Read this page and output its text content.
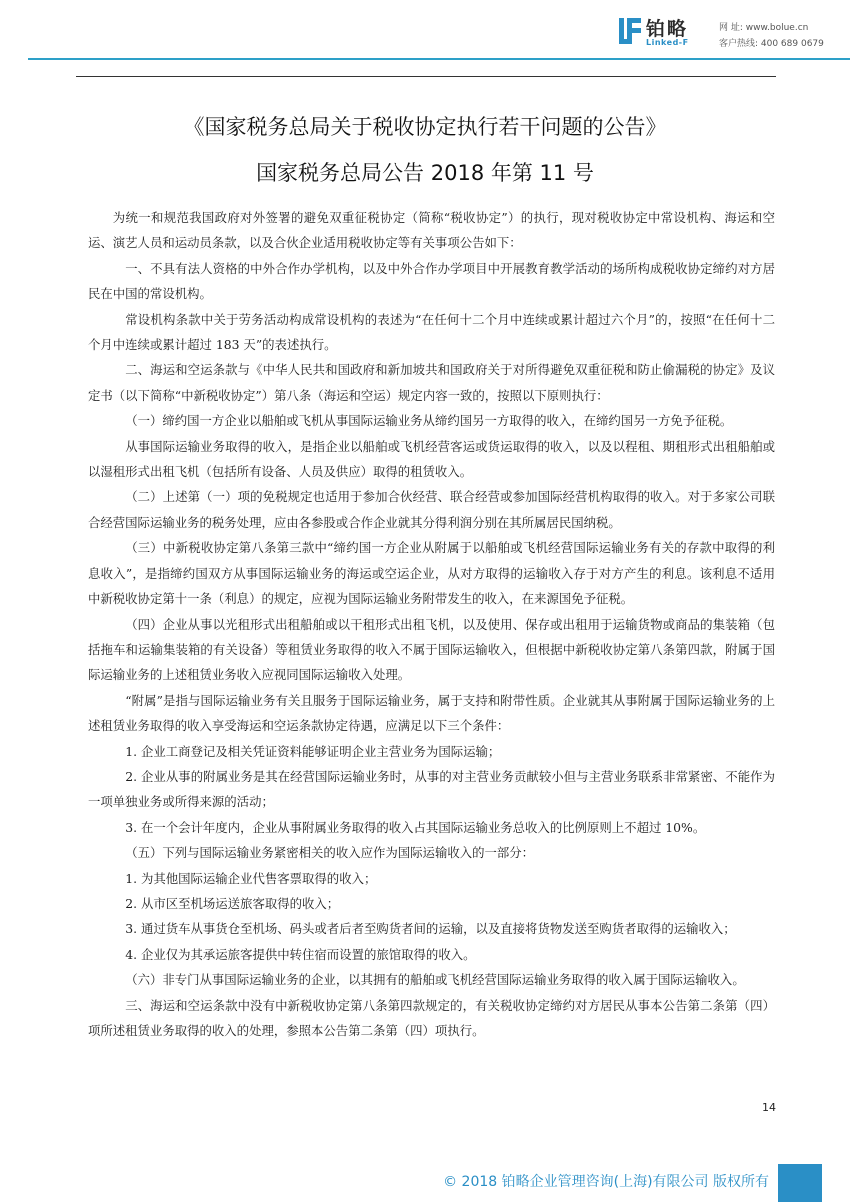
铂略
Linked-F
网 址: www.bolue.cn
客户热线: 400 689 0679
《国家税务总局关于税收协定执行若干问题的公告》
国家税务总局公告 2018 年第 11 号

为统一和规范我国政府对外签署的避免双重征税协定（简称“税收协定”）的执行，现对税收协定中常设机构、海运和空运、演艺人员和运动员条款，以及合伙企业适用税收协定等有关事项公告如下：

一、不具有法人资格的中外合作办学机构，以及中外合作办学项目中开展教育教学活动的场所构成税收协定缔约对方居民在中国的常设机构。

常设机构条款中关于劳务活动构成常设机构的表述为“在任何十二个月中连续或累计超过六个月”的，按照“在任何十二个月中连续或累计超过 183 天”的表述执行。

二、海运和空运条款与《中华人民共和国政府和新加坡共和国政府关于对所得避免双重征税和防止偷漏税的协定》及议定书（以下简称“中新税收协定”）第八条（海运和空运）规定内容一致的，按照以下原则执行：

（一）缔约国一方企业以船舶或飞机从事国际运输业务从缔约国另一方取得的收入，在缔约国另一方免予征税。

从事国际运输业务取得的收入，是指企业以船舶或飞机经营客运或货运取得的收入，以及以程租、期租形式出租船舶或以湿租形式出租飞机（包括所有设备、人员及供应）取得的租赁收入。

（二）上述第（一）项的免税规定也适用于参加合伙经营、联合经营或参加国际经营机构取得的收入。对于多家公司联合经营国际运输业务的税务处理，应由各参股或合作企业就其分得利润分别在其所属居民国纳税。

（三）中新税收协定第八条第三款中“缔约国一方企业从附属于以船舶或飞机经营国际运输业务有关的存款中取得的利息收入”，是指缔约国双方从事国际运输业务的海运或空运企业，从对方取得的运输收入存于对方产生的利息。该利息不适用中新税收协定第十一条（利息）的规定，应视为国际运输业务附带发生的收入，在来源国免予征税。

（四）企业从事以光租形式出租船舶或以干租形式出租飞机，以及使用、保存或出租用于运输货物或商品的集装箱（包括拖车和运输集装箱的有关设备）等租赁业务取得的收入不属于国际运输收入，但根据中新税收协定第八条第四款，附属于国际运输业务的上述租赁业务收入应视同国际运输收入处理。

“附属”是指与国际运输业务有关且服务于国际运输业务，属于支持和附带性质。企业就其从事附属于国际运输业务的上述租赁业务取得的收入享受海运和空运条款协定待遇，应满足以下三个条件：

1. 企业工商登记及相关凭证资料能够证明企业主营业务为国际运输；

2. 企业从事的附属业务是其在经营国际运输业务时，从事的对主营业务贡献较小但与主营业务联系非常紧密、不能作为一项单独业务或所得来源的活动；

3. 在一个会计年度内，企业从事附属业务取得的收入占其国际运输业务总收入的比例原则上不超过 10%。

（五）下列与国际运输业务紧密相关的收入应作为国际运输收入的一部分：

1. 为其他国际运输企业代售客票取得的收入；

2. 从市区至机场运送旅客取得的收入；

3. 通过货车从事货仓至机场、码头或者后者至购货者间的运输，以及直接将货物发送至购货者取得的运输收入；

4. 企业仅为其承运旅客提供中转住宿而设置的旅馆取得的收入。

（六）非专门从事国际运输业务的企业，以其拥有的船舶或飞机经营国际运输业务取得的收入属于国际运输收入。

三、海运和空运条款中没有中新税收协定第八条第四款规定的，有关税收协定缔约对方居民从事本公告第二条第（四）项所述租赁业务取得的收入的处理，参照本公告第二条第（四）项执行。

14
© 2018 铂略企业管理咨询(上海)有限公司 版权所有
